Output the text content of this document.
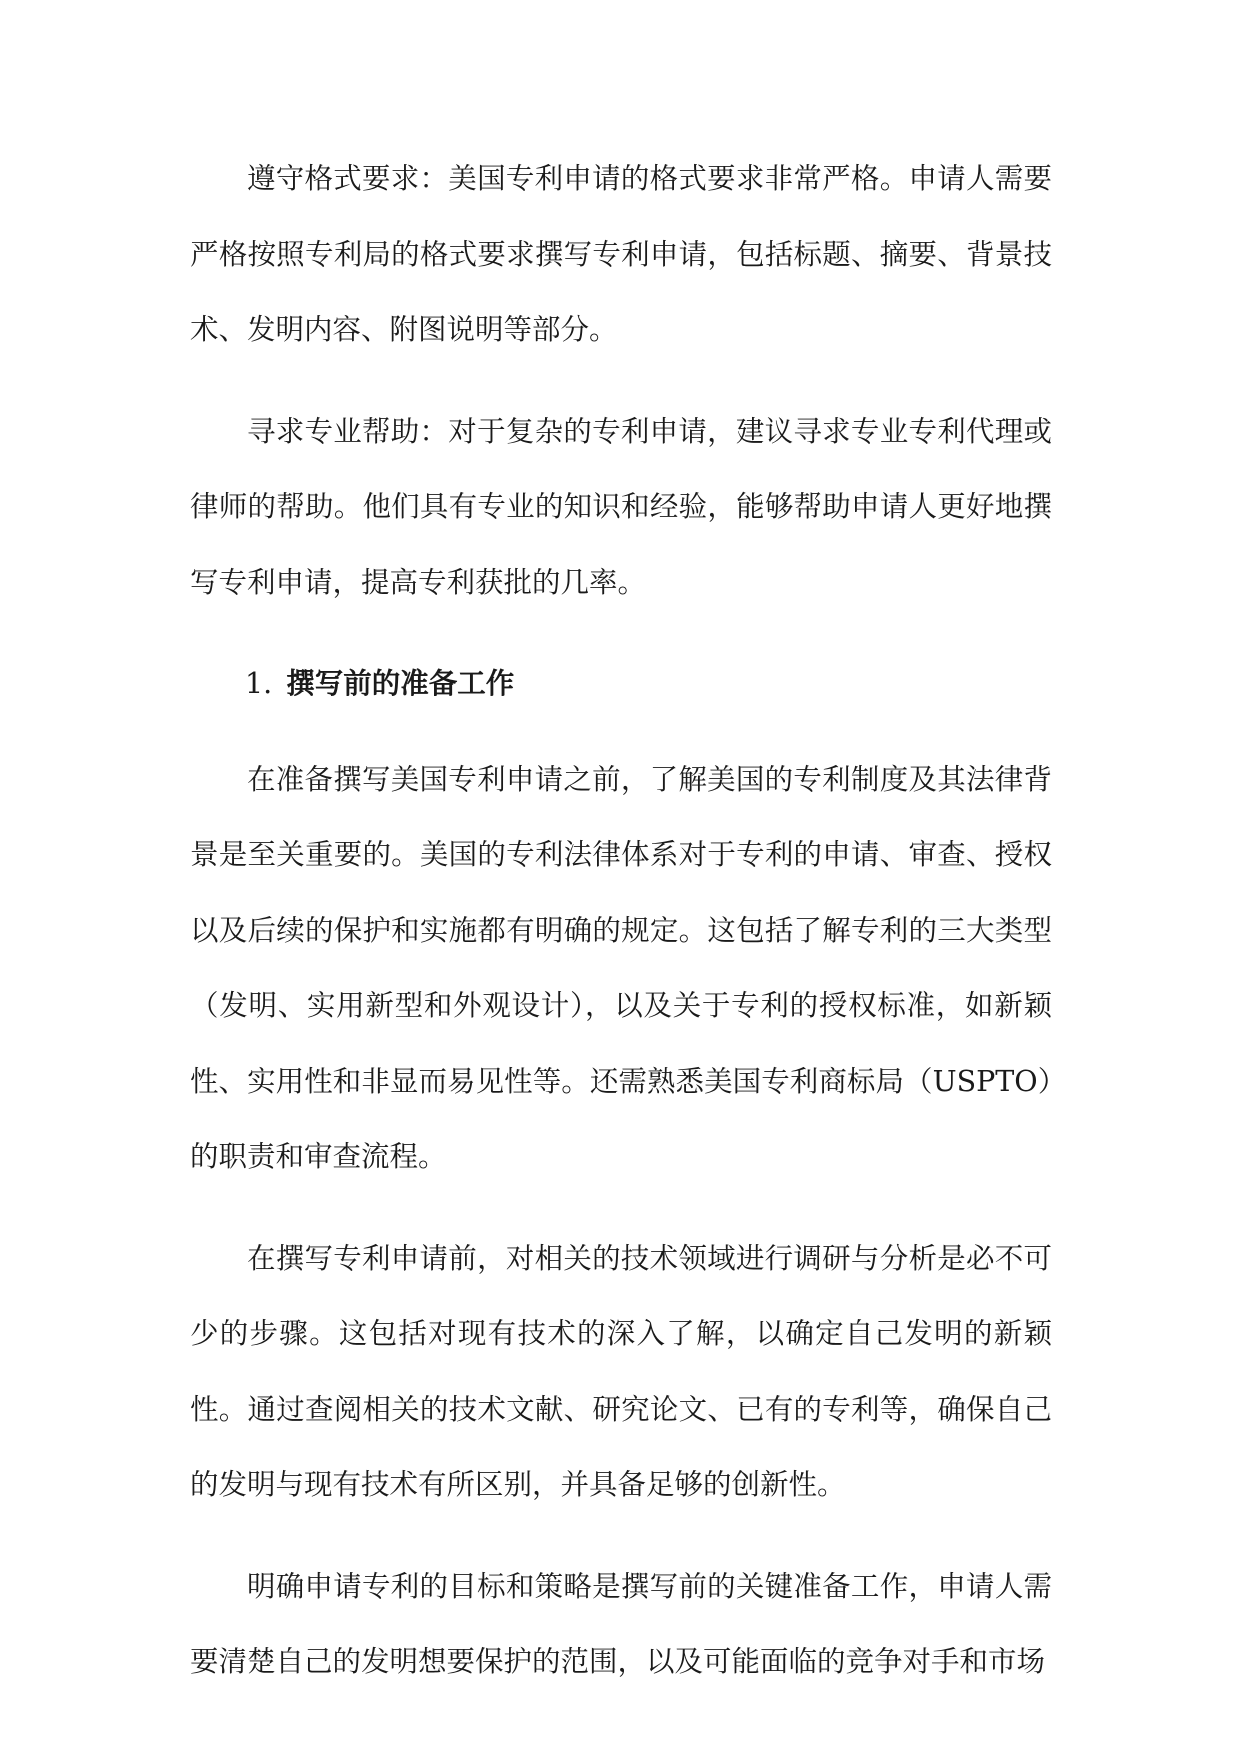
遵守格式要求：美国专利申请的格式要求非常严格。申请人需要严格按照专利局的格式要求撰写专利申请，包括标题、摘要、背景技术、发明内容、附图说明等部分。

寻求专业帮助：对于复杂的专利申请，建议寻求专业专利代理或律师的帮助。他们具有专业的知识和经验，能够帮助申请人更好地撰写专利申请，提高专利获批的几率。

1. 撰写前的准备工作

在准备撰写美国专利申请之前，了解美国的专利制度及其法律背景是至关重要的。美国的专利法律体系对于专利的申请、审查、授权以及后续的保护和实施都有明确的规定。这包括了解专利的三大类型（发明、实用新型和外观设计），以及关于专利的授权标准，如新颖性、实用性和非显而易见性等。还需熟悉美国专利商标局（USPTO）的职责和审查流程。

在撰写专利申请前，对相关的技术领域进行调研与分析是必不可少的步骤。这包括对现有技术的深入了解，以确定自己发明的新颖性。通过查阅相关的技术文献、研究论文、已有的专利等，确保自己的发明与现有技术有所区别，并具备足够的创新性。

明确申请专利的目标和策略是撰写前的关键准备工作，申请人需要清楚自己的发明想要保护的范围，以及可能面临的竞争对手和市场
